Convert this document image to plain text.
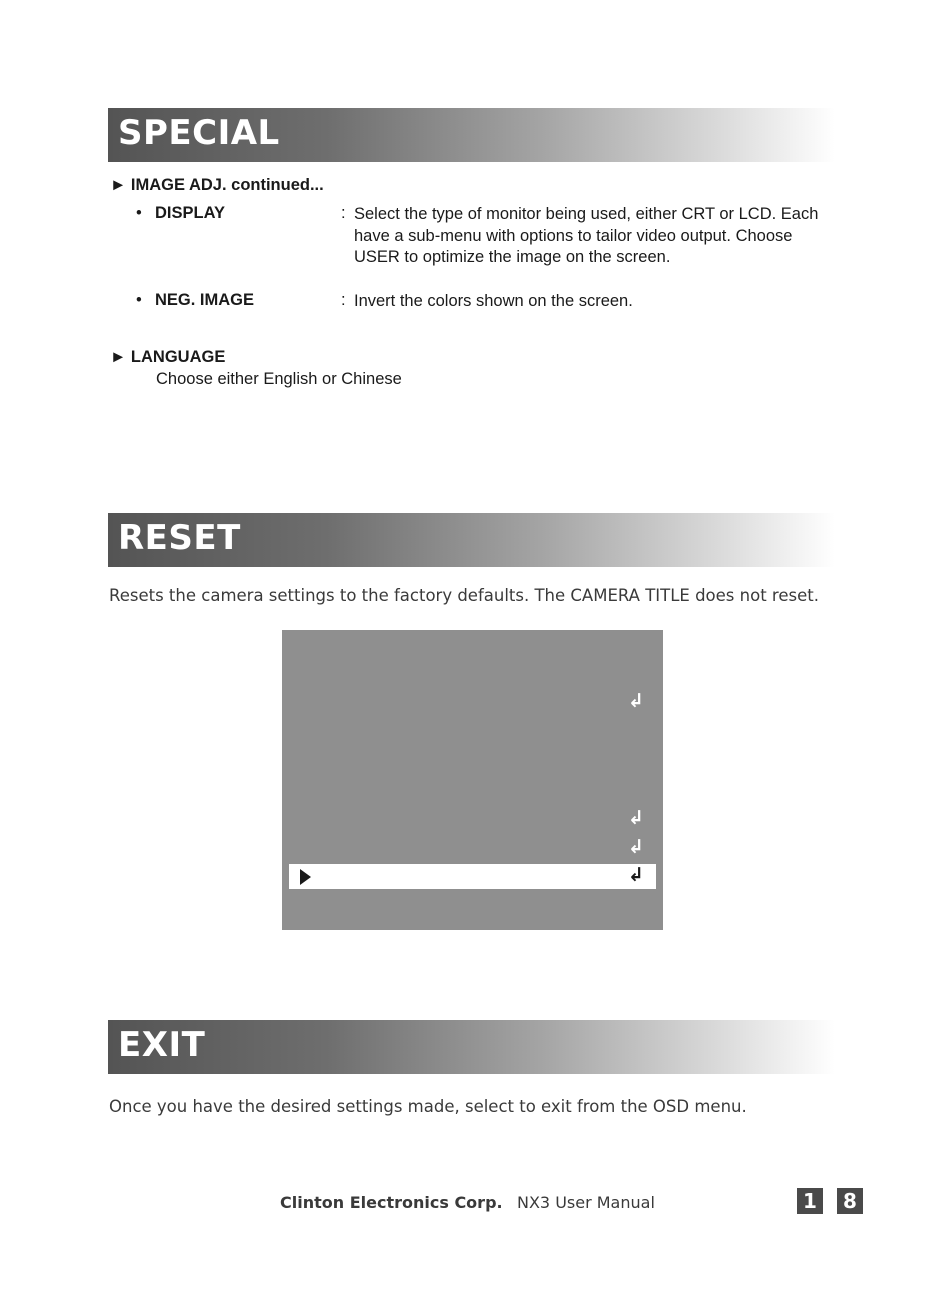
SPECIAL
► IMAGE ADJ. continued...
• DISPLAY	: Select the type of monitor being used, either CRT or LCD. Each have a sub-menu with options to tailor video output. Choose USER to optimize the image on the screen.
• NEG. IMAGE	: Invert the colors shown on the screen.
► LANGUAGE
Choose either English or Chinese
RESET
Resets the camera settings to the factory defaults. The CAMERA TITLE does not reset.
↲
↲
↲
↲
EXIT
Once you have the desired settings made, select to exit from the OSD menu.
Clinton Electronics Corp. NX3 User Manual	1	8
